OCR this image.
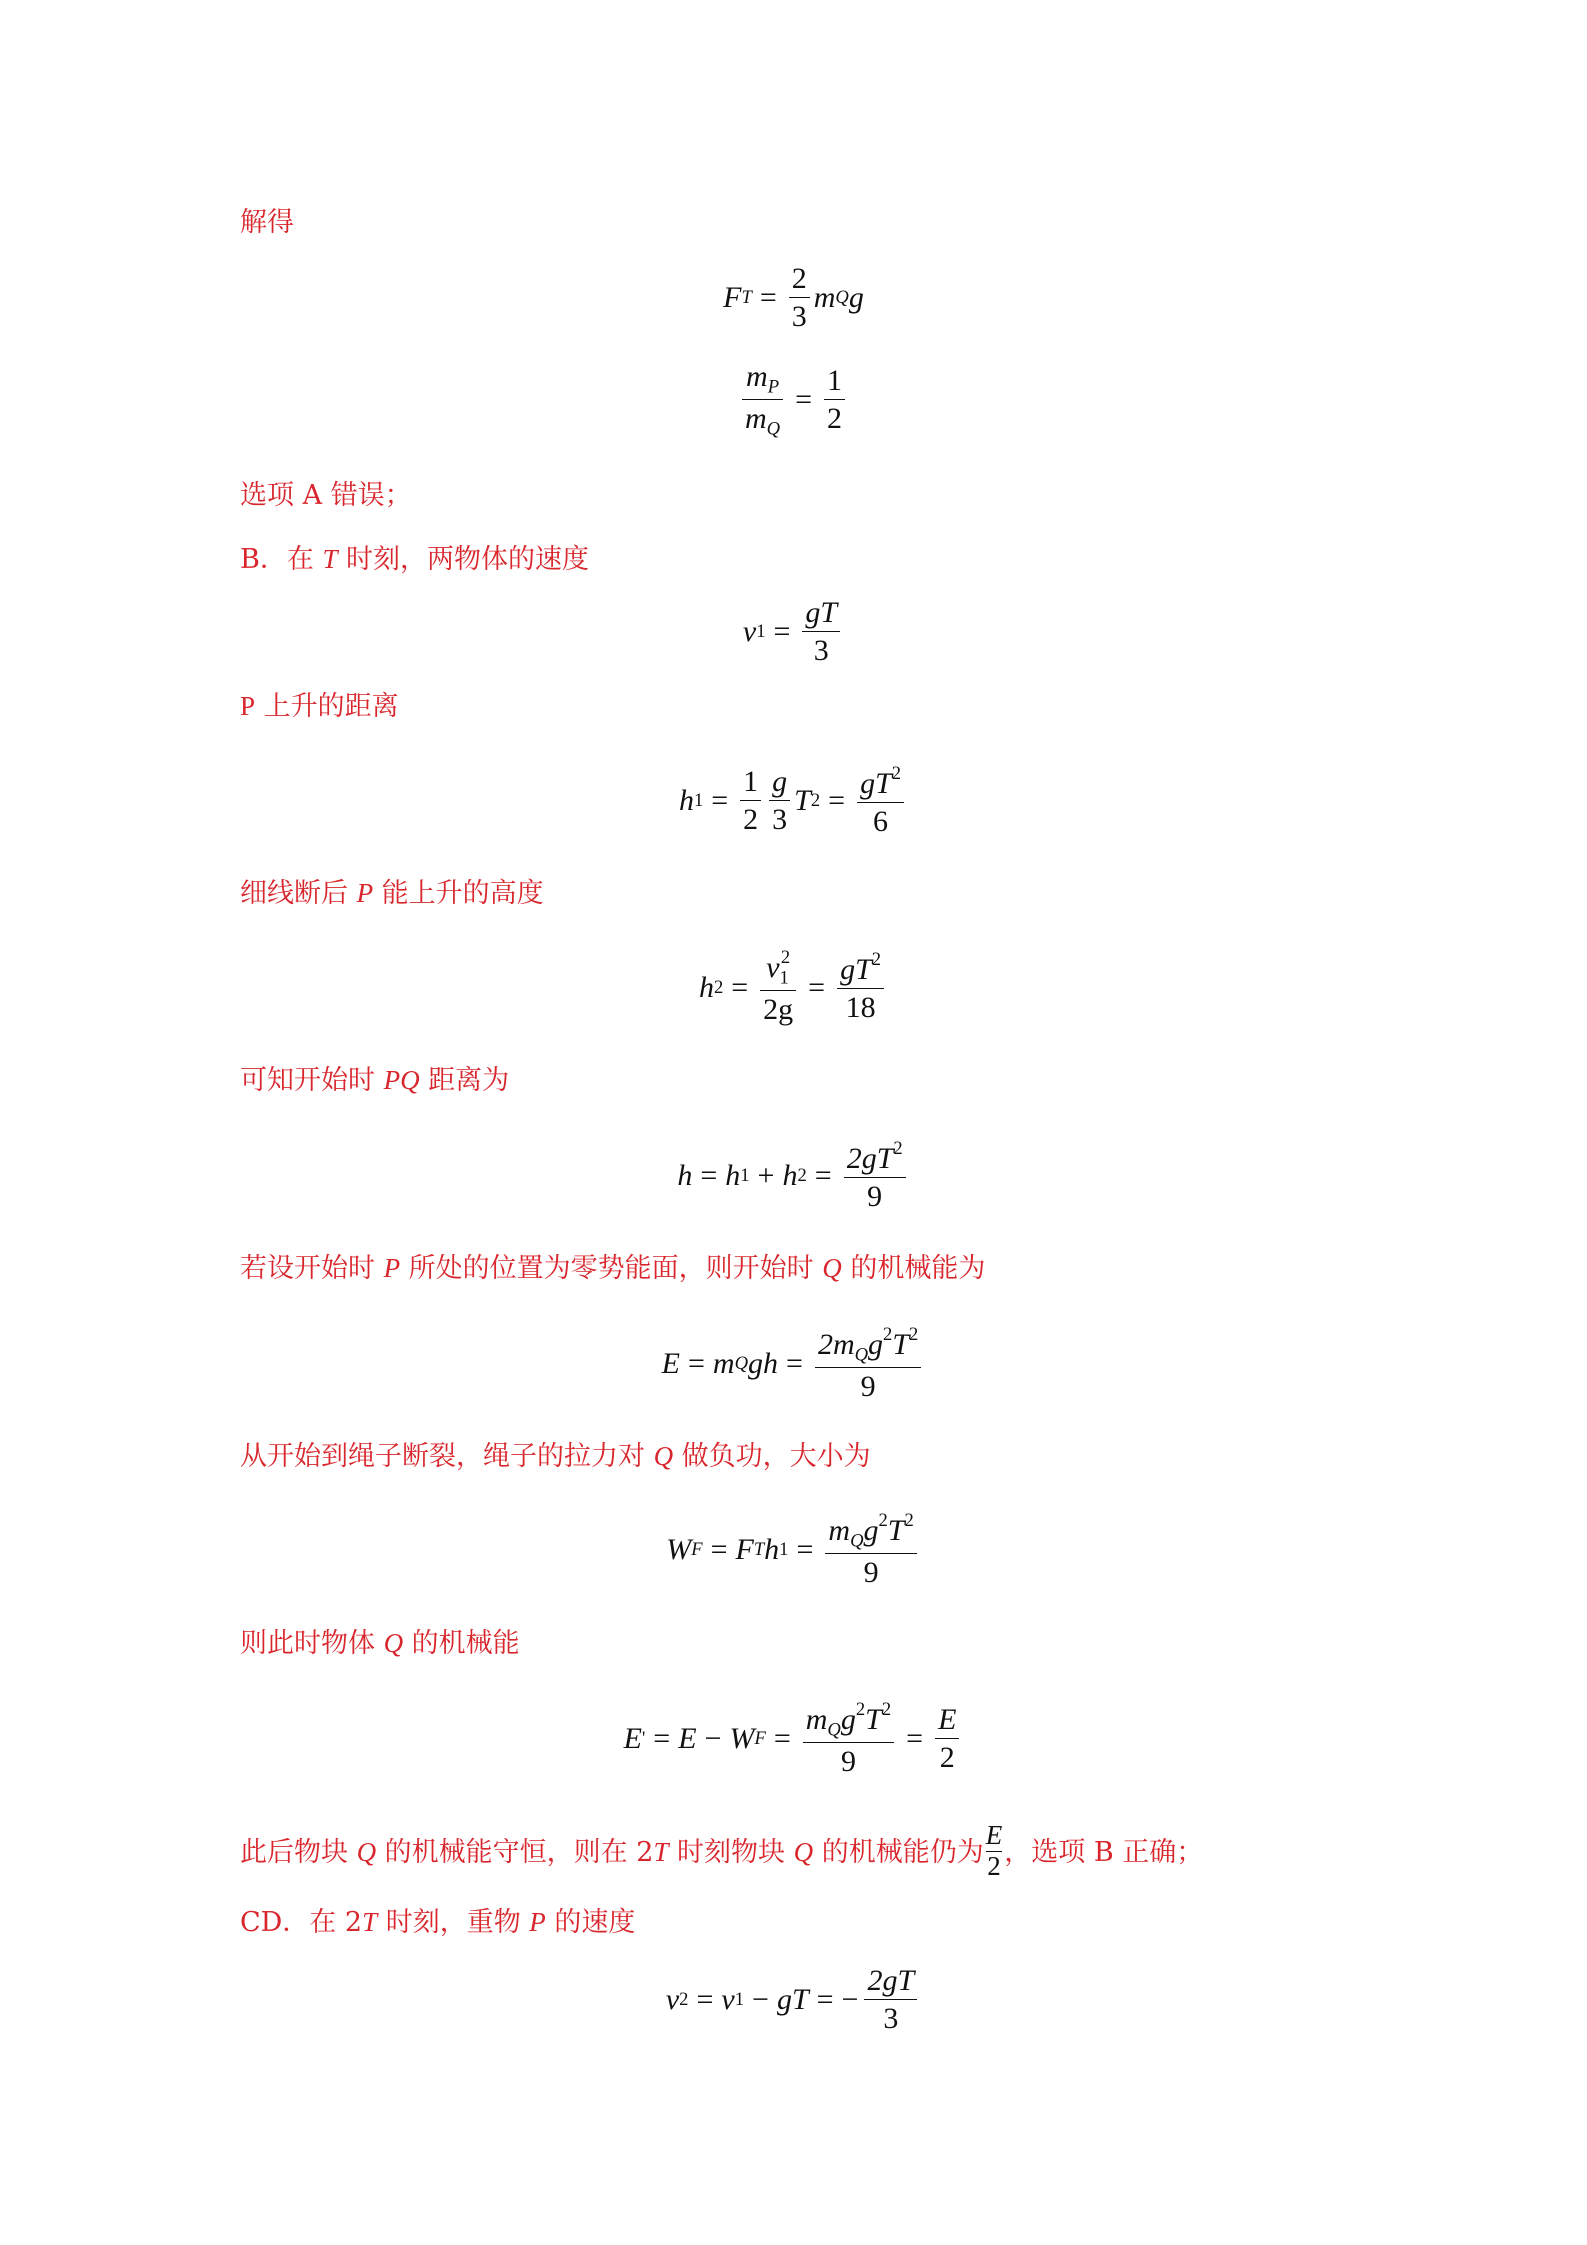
解得
F $T = \frac{2}{3}$ m Q g
$\frac{m_P}{m_Q} = \frac{1}{2}$
选项 A 错误；
B．在 T 时刻，两物体的速度
v $1 = \frac{gT}{3}$
P 上升的距离
h $1 = \frac{1}{2} \frac{g}{3}$ T $2 = \frac{gT^2}{6}$
细线断后 P 能上升的高度
h $2 = \frac{v_1^2}{2g} = \frac{gT^2}{18}$
可知开始时 PQ 距离为
h = h 1 + h $2 = \frac{2gT^2}{9}$
若设开始时 P 所处的位置为零势能面，则开始时 Q 的机械能为
E = m Q gh = $\frac{2m_Qg^2T^2}{9}$
从开始到绳子断裂，绳子的拉力对 Q 做负功，大小为
W F = F T h $1 = \frac{m_Qg^2T^2}{9}$
则此时物体 Q 的机械能
E ' = E − W $F = \frac{m_Qg^2T^2}{9} = \frac{E}{2}$
此后物块 Q 的机械能守恒，则在 2T 时刻物块 Q 的机械能仍为 $\frac{E}{2}$ ，选项 B 正确；
CD．在 2T 时刻，重物 P 的速度
v 2 = v 1 − gT = − $\frac{2gT}{3}$
